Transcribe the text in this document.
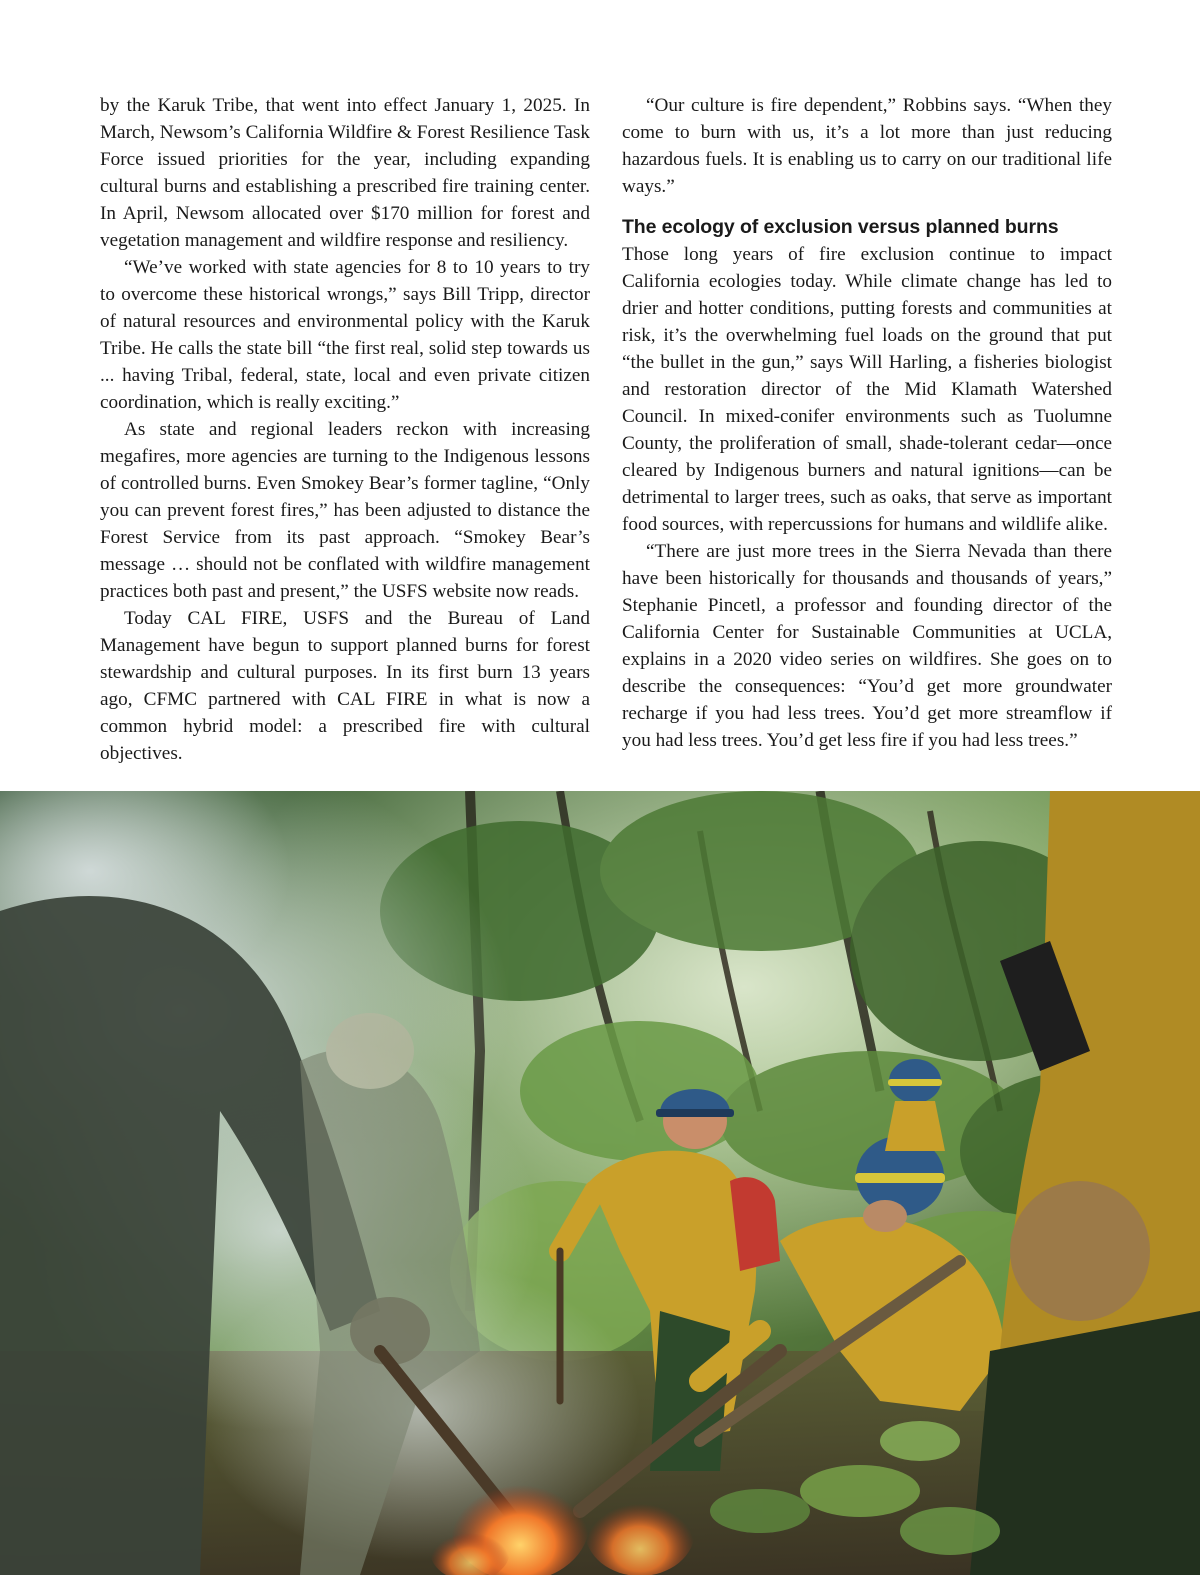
by the Karuk Tribe, that went into effect January 1, 2025. In March, Newsom’s California Wildfire & Forest Resilience Task Force issued priorities for the year, including expanding cultural burns and establishing a prescribed fire training center. In April, Newsom allocated over $170 million for forest and vegetation management and wildfire response and resiliency.

“We’ve worked with state agencies for 8 to 10 years to try to overcome these historical wrongs,” says Bill Tripp, director of natural resources and environmental policy with the Karuk Tribe. He calls the state bill “the first real, solid step towards us ... having Tribal, federal, state, local and even private citizen coordination, which is really exciting.”

As state and regional leaders reckon with increasing megafires, more agencies are turning to the Indigenous lessons of controlled burns. Even Smokey Bear’s former tagline, “Only you can prevent forest fires,” has been adjusted to distance the Forest Service from its past approach. “Smokey Bear’s message … should not be conflated with wildfire management practices both past and present,” the USFS website now reads.

Today CAL FIRE, USFS and the Bureau of Land Management have begun to support planned burns for forest stewardship and cultural purposes. In its first burn 13 years ago, CFMC partnered with CAL FIRE in what is now a common hybrid model: a prescribed fire with cultural objectives.

“Our culture is fire dependent,” Robbins says. “When they come to burn with us, it’s a lot more than just reducing hazardous fuels. It is enabling us to carry on our traditional life ways.”

The ecology of exclusion versus planned burns

Those long years of fire exclusion continue to impact California ecologies today. While climate change has led to drier and hotter conditions, putting forests and communities at risk, it’s the overwhelming fuel loads on the ground that put “the bullet in the gun,” says Will Harling, a fisheries biologist and restoration director of the Mid Klamath Watershed Council. In mixed-conifer environments such as Tuolumne County, the proliferation of small, shade-tolerant cedar—once cleared by Indigenous burners and natural ignitions—can be detrimental to larger trees, such as oaks, that serve as important food sources, with repercussions for humans and wildlife alike.

“There are just more trees in the Sierra Nevada than there have been historically for thousands and thousands of years,” Stephanie Pincetl, a professor and founding director of the California Center for Sustainable Communities at UCLA, explains in a 2020 video series on wildfires. She goes on to describe the consequences: “You’d get more groundwater recharge if you had less trees. You’d get more streamflow if you had less trees. You’d get less fire if you had less trees.”
